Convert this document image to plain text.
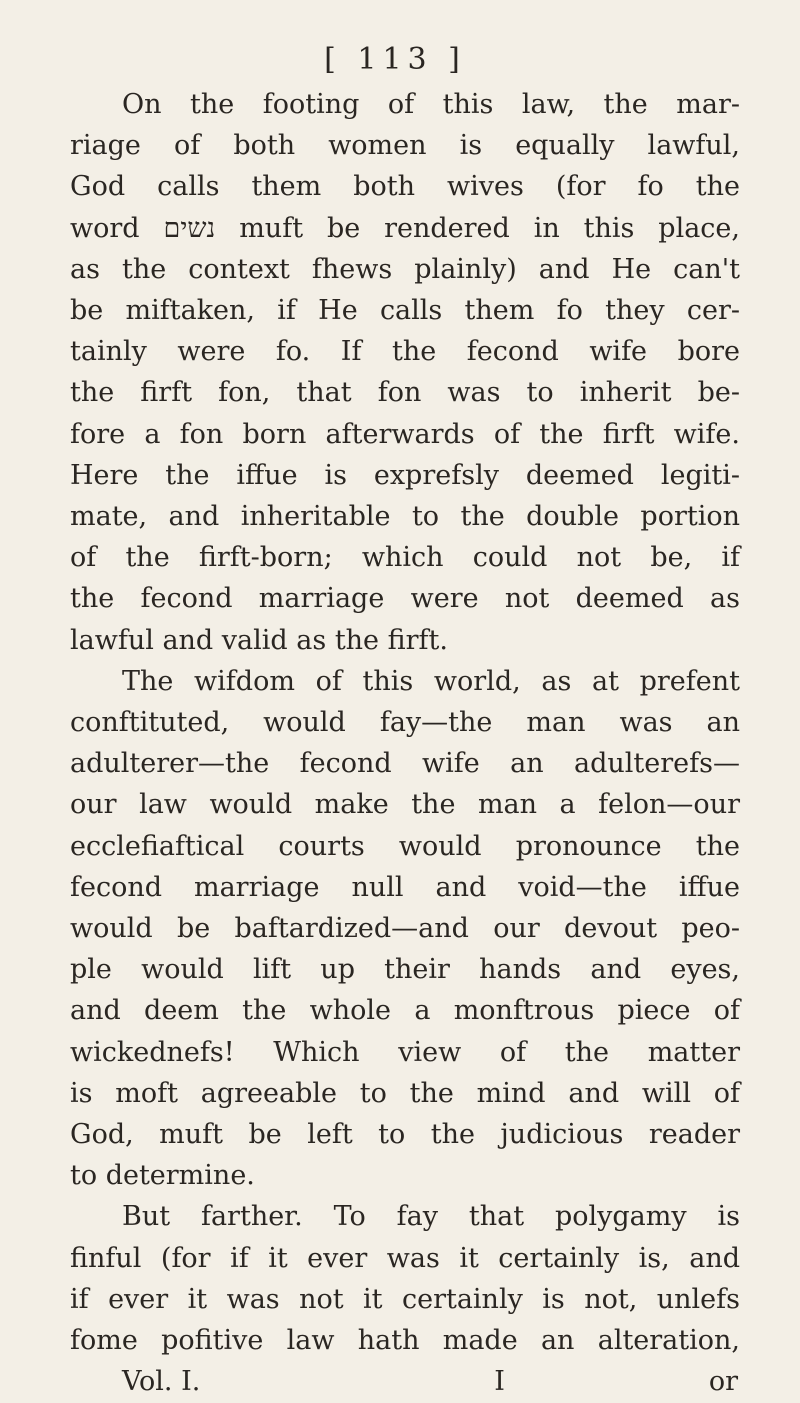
[ 113 ]
On the footing of this law, the mar-
riage of both women is equally lawful,
God calls them both wives (for fo the
word נשים muft be rendered in this place,
as the context fhews plainly) and He can't
be miftaken, if He calls them fo they cer-
tainly were fo. If the fecond wife bore
the firft fon, that fon was to inherit be-
fore a fon born afterwards of the firft wife.
Here the iffue is exprefsly deemed legiti-
mate, and inheritable to the double portion
of the firft-born; which could not be, if
the fecond marriage were not deemed as
lawful and valid as the firft.
The wifdom of this world, as at prefent
conftituted, would fay—the man was an
adulterer—the fecond wife an adulterefs—
our law would make the man a felon—our
ecclefiaftical courts would pronounce the
fecond marriage null and void—the iffue
would be baftardized—and our devout peo-
ple would lift up their hands and eyes,
and deem the whole a monftrous piece of
wickednefs! Which view of the matter
is moft agreeable to the mind and will of
God, muft be left to the judicious reader
to determine.
But farther. To fay that polygamy is
finful (for if it ever was it certainly is, and
if ever it was not it certainly is not, unlefs
fome pofitive law hath made an alteration,
Vol. I.	I	or
